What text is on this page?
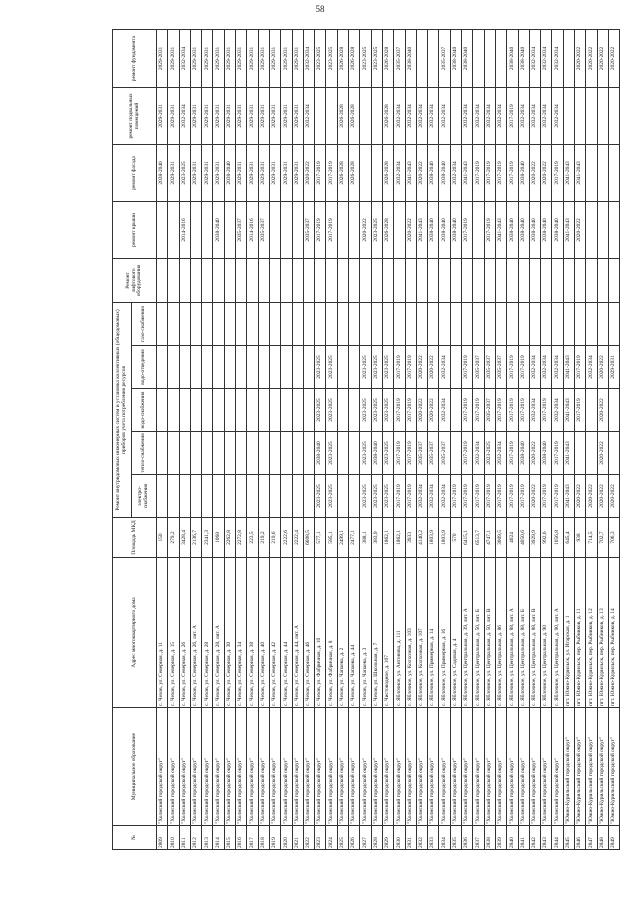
58
№	Муниципальное образование	Адрес многоквартирного дома	Площадь МКД	Ремонт внутридомовых инженерных систем и установка коллективных (общедомовых) приборов учета потребления ресурсов					Ремонт лифтового оборудования	ремонт крыши	ремонт фасада	ремонт подвальных помещений	ремонт фундамента
				электро-снабжения	тепло-снабжения	водо-снабжения	водо-отведения	газо-снабжения					
2809	"Холмский городской округ"	с. Чехов, ул. Северная, д. 11	150								2038-2040	2029-2031	2029-2031
2810	"Холмский городской округ"	с. Чехов, ул. Северная, д. 15	279,2								2029-2031	2029-2031	2029-2031
2811	"Холмский городской округ"	с. Чехов, ул. Северная, д. 26	3428,4							2014-2016	2023-2025	2032-2034	2032-2034
2812	"Холмский городской округ"	с. Чехов, ул. Северная, д. 26, лит. А	2136,7								2029-2031	2029-2031	2029-2031
2813	"Холмский городской округ"	с. Чехов, ул. Северная, д. 28	2341,3								2029-2031	2029-2031	2029-2031
2814	"Холмский городской округ"	с. Чехов, ул. Северная, д. 28, лит. А	1068							2038-2040	2029-2031	2029-2031	2029-2031
2815	"Холмский городской округ"	с. Чехов, ул. Северная, д. 30	2262,8								2038-2040	2029-2031	2029-2031
2816	"Холмский городской округ"	с. Чехов, ул. Северная, д. 34	2272,8							2035-2037	2029-2031	2029-2031	2029-2031
2817	"Холмский городской округ"	с. Чехов, ул. Северная, д. 38	223,5							2014-2016	2029-2031	2029-2031	2029-2031
2818	"Холмский городской округ"	с. Чехов, ул. Северная, д. 40	219,2							2035-2037	2029-2031	2029-2031	2029-2031
2819	"Холмский городской округ"	с. Чехов, ул. Северная, д. 42	219,6								2029-2031	2029-2031	2029-2031
2820	"Холмский городской округ"	с. Чехов, ул. Северная, д. 44	2222,6								2029-2031	2029-2031	2029-2031
2821	"Холмский городской округ"	с. Чехов, ул. Северная, д. 44, лит. А	2222,4								2029-2031	2029-2031	2029-2031
2822	"Холмский городской округ"	с. Чехов, ул. Северная, д. 46	6608,5							2035-2037	2020-2022	2032-2034	2032-2034
2823	"Холмский городской округ"	с. Чехов, ул. Фабричная, д. 10	577,1	2023-2025	2038-2040	2023-2025	2023-2025			2017-2019	2017-2019		2023-2025
2824	"Холмский городской округ"	с. Чехов, ул. Фабричная, д. 8	585,1	2023-2025	2023-2025	2023-2025	2023-2025			2017-2019	2017-2019		2023-2025
2825	"Холмский городской округ"	с. Чехов, ул. Чапаева, д. 2	2499,1								2026-2028	2026-2028	2026-2028
2826	"Холмский городской округ"	с. Чехов, ул. Чапаева, д. 44	2477,1								2026-2028	2026-2028	2026-2028
2827	"Холмский городской округ"	с. Чехов, ул. Чапаева, д. 3	388,1	2023-2025	2023-2025	2023-2025	2023-2025			2020-2022			2023-2025
2828	"Холмский городской округ"	с. Чехов, ул. Школьная, д. 7	383,9	2023-2025	2038-2040	2023-2025	2023-2025			2023-2025			2023-2025
2829	"Холмский городской округ"	с. Чистоводное, д. 107	1862,1	2023-2025	2023-2025	2023-2025	2023-2025			2026-2028	2026-2028	2026-2028	2026-2028
2830	"Холмский городской округ"	с. Яблочное, ул. Антонова, д. 111	1862,1	2017-2019	2017-2019	2017-2019	2017-2019				2032-2034	2032-2034	2035-2037
2831	"Холмский городской округ"	с. Яблочное, ул. Колхозная, д. 103	3933	2017-2019	2017-2019	2017-2019	2017-2019			2020-2022	2041-2043	2032-2034	2038-2040
2832	"Холмский городской округ"	с. Яблочное, ул. Колхозная, д. 107	4140,2	2032-2034	2035-2037	2020-2022	2020-2022			2041-2043	2020-2022	2032-2034	
2833	"Холмский городской округ"	с. Яблочное, ул. Примерная, д. 14	1803,9	2032-2034	2035-2037	2020-2022	2020-2022			2038-2040	2038-2040	2032-2034	
2834	"Холмский городской округ"	с. Яблочное, ул. Примерная, д. 16	1803,9	2032-2034	2035-2037	2032-2034	2032-2034			2038-2040	2038-2040	2032-2034	2035-2037
2835	"Холмский городской округ"	с. Яблочное, ул. Садовая, д. 4	570	2017-2019						2038-2040	2032-2034		2038-2040
2836	"Холмский городской округ"	с. Яблочное, ул. Центральная, д. 39, лит. А	6415,1	2017-2019	2017-2019	2017-2019	2017-2019			2017-2019	2041-2043	2032-2034	2038-2040
2837	"Холмский городской округ"	с. Яблочное, ул. Центральная, д. 50, лит. Б	6513,7	2017-2019	2032-2034	2017-2019	2035-2037				2017-2019	2032-2034	
2838	"Холмский городской округ"	с. Яблочное, ул. Центральная, д. 50, лит. В	4747,1	2017-2019	2023-2025	2035-2037	2035-2037			2017-2019	2017-2019	2032-2034	
2839	"Холмский городской округ"	с. Яблочное, ул. Центральная, д. 86	3009,5	2017-2019	2032-2034	2017-2019	2035-2037			2041-2043	2017-2019	2032-2034	
2840	"Холмский городской округ"	с. Яблочное, ул. Центральная, д. 88, лит. А	4024	2017-2019	2017-2019	2017-2019	2017-2019			2038-2040	2017-2019	2017-2019	2038-2040
2841	"Холмский городской округ"	с. Яблочное, ул. Центральная, д. 88, лит. Б	4050,6	2017-2019	2038-2040	2017-2019	2017-2019			2038-2040	2038-2040	2032-2034	2038-2040
2842	"Холмский городской округ"	с. Яблочное, ул. Центральная, д. 88, лит. В	3929,9	2020-2022	2020-2022	2032-2034	2032-2034			2038-2040	2020-2022	2032-2034	2032-2034
2843	"Холмский городской округ"	с. Яблочное, ул. Центральная, д. 90	992,6	2017-2019	2038-2040	2017-2019	2032-2034			2038-2040	2020-2022	2032-2034	2032-2034
2844	"Холмский городской округ"	с. Яблочное, ул. Центральная, д. 90, лит. А	1056,8	2017-2019	2017-2019	2032-2034	2032-2034			2038-2040	2017-2019	2032-2034	2032-2034
2845	"Южно-Курильский городской округ"	пгт. Южно-Курильск, ул. Игарская, д. 1	645,4	2041-2043	2041-2043	2041-2043	2041-2043			2041-2043	2041-2043		
2846	"Южно-Курильский городской округ"	пгт. Южно-Курильск, пер. Рыбников, д. 11	938	2020-2022		2017-2019	2017-2019			2020-2022	2041-2043		2020-2022
2847	"Южно-Курильский городской округ"	пгт. Южно-Курильск, пер. Рыбников, д. 12	714,5	2020-2022			2032-2034						2020-2022
2848	"Южно-Курильский городской округ"	пгт. Южно-Курильск, пер. Рыбников, д. 13	702,7	2020-2022	2020-2022	2020-2022	2020-2022						2020-2022
2849	"Южно-Курильский городской округ"	пгт. Южно-Курильск, пер. Рыбников, д. 14	706,3	2020-2022			2029-2031						2020-2022
